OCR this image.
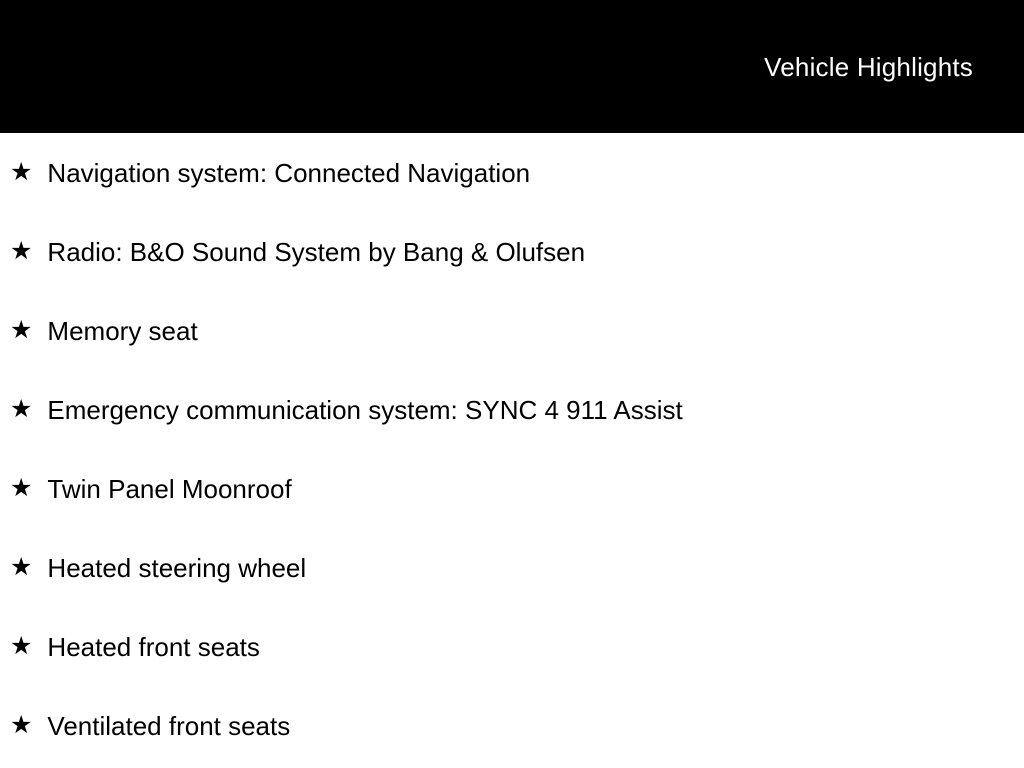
Vehicle Highlights
★ Navigation system: Connected Navigation
★ Radio: B&O Sound System by Bang & Olufsen
★ Memory seat
★ Emergency communication system: SYNC 4 911 Assist
★ Twin Panel Moonroof
★ Heated steering wheel
★ Heated front seats
★ Ventilated front seats
